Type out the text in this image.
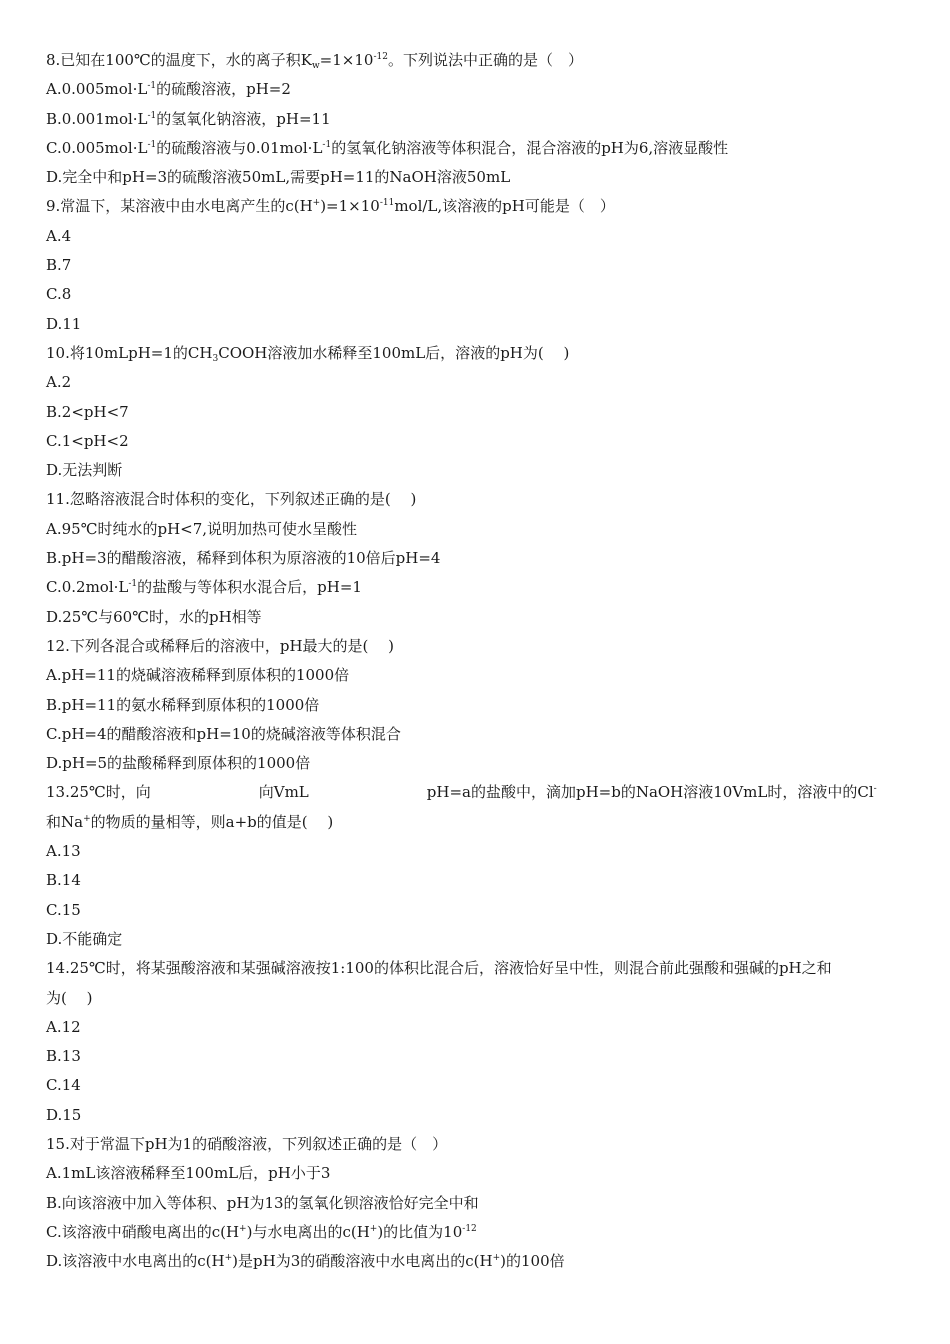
8.已知在100℃的温度下，水的离子积$K_w=1\times 10^{-12}$。下列说法中正确的是（　）
$A.0.005mol\cdot L^{-1}$的硫酸溶液，pH=2
$B.0.001mol\cdot L^{-1}$的氢氧化钠溶液，pH=11
$C.0.005mol\cdot L^{-1}$的硫酸溶液与$0.01mol\cdot L^{-1}$的氢氧化钠溶液等体积混合，混合溶液的pH为6,溶液显酸性
D.完全中和pH=3的硫酸溶液50mL,需要pH=11的NaOH溶液50mL
9.常温下，某溶液中由水电离产生的$c(H^+)=1\times 10^{-11}mol/L$,该溶液的pH可能是（　）
A.4
B.7
C.8
D.11
10.将10mLpH=1的$CH_3COOH$溶液加水稀释至100mL后，溶液的pH为(　 )
A.2
B.2<pH<7
C.1<pH<2
D.无法判断
11.忽略溶液混合时体积的变化，下列叙述正确的是(　 )
A.95℃时纯水的pH<7,说明加热可使水呈酸性
B.pH=3的醋酸溶液，稀释到体积为原溶液的10倍后pH=4
$C.0.2mol\cdot L^{-1}$的盐酸与等体积水混合后，pH=1
D.25℃与60℃时，水的pH相等
12.下列各混合或稀释后的溶液中，pH最大的是(　 )
A.pH=11的烧碱溶液稀释到原体积的1000倍
B.pH=11的氨水稀释到原体积的1000倍
C.pH=4的醋酸溶液和pH=10的烧碱溶液等体积混合
D.pH=5的盐酸稀释到原体积的1000倍
13.25℃时，向	向VmL	pH=a的盐酸中，滴加pH=b的NaOH溶液10VmL时，溶液中的Cl-
和Na+的物质的量相等，则a+b的值是(　 )
A.13
B.14
C.15
D.不能确定
14.25℃时，将某强酸溶液和某强碱溶液按1:100的体积比混合后，溶液恰好呈中性，则混合前此强酸和强碱的pH之和
为(　 )
A.12
B.13
C.14
D.15
15.对于常温下pH为1的硝酸溶液，下列叙述正确的是（　）
A.1mL该溶液稀释至100mL后，pH小于3
B.向该溶液中加入等体积、pH为13的氢氧化钡溶液恰好完全中和
C.该溶液中硝酸电离出的c(H+)与水电离出的c(H+)的比值为$10^{-12}$
D.该溶液中水电离出的c(H+)是pH为3的硝酸溶液中水电离出的c(H+)的100倍
